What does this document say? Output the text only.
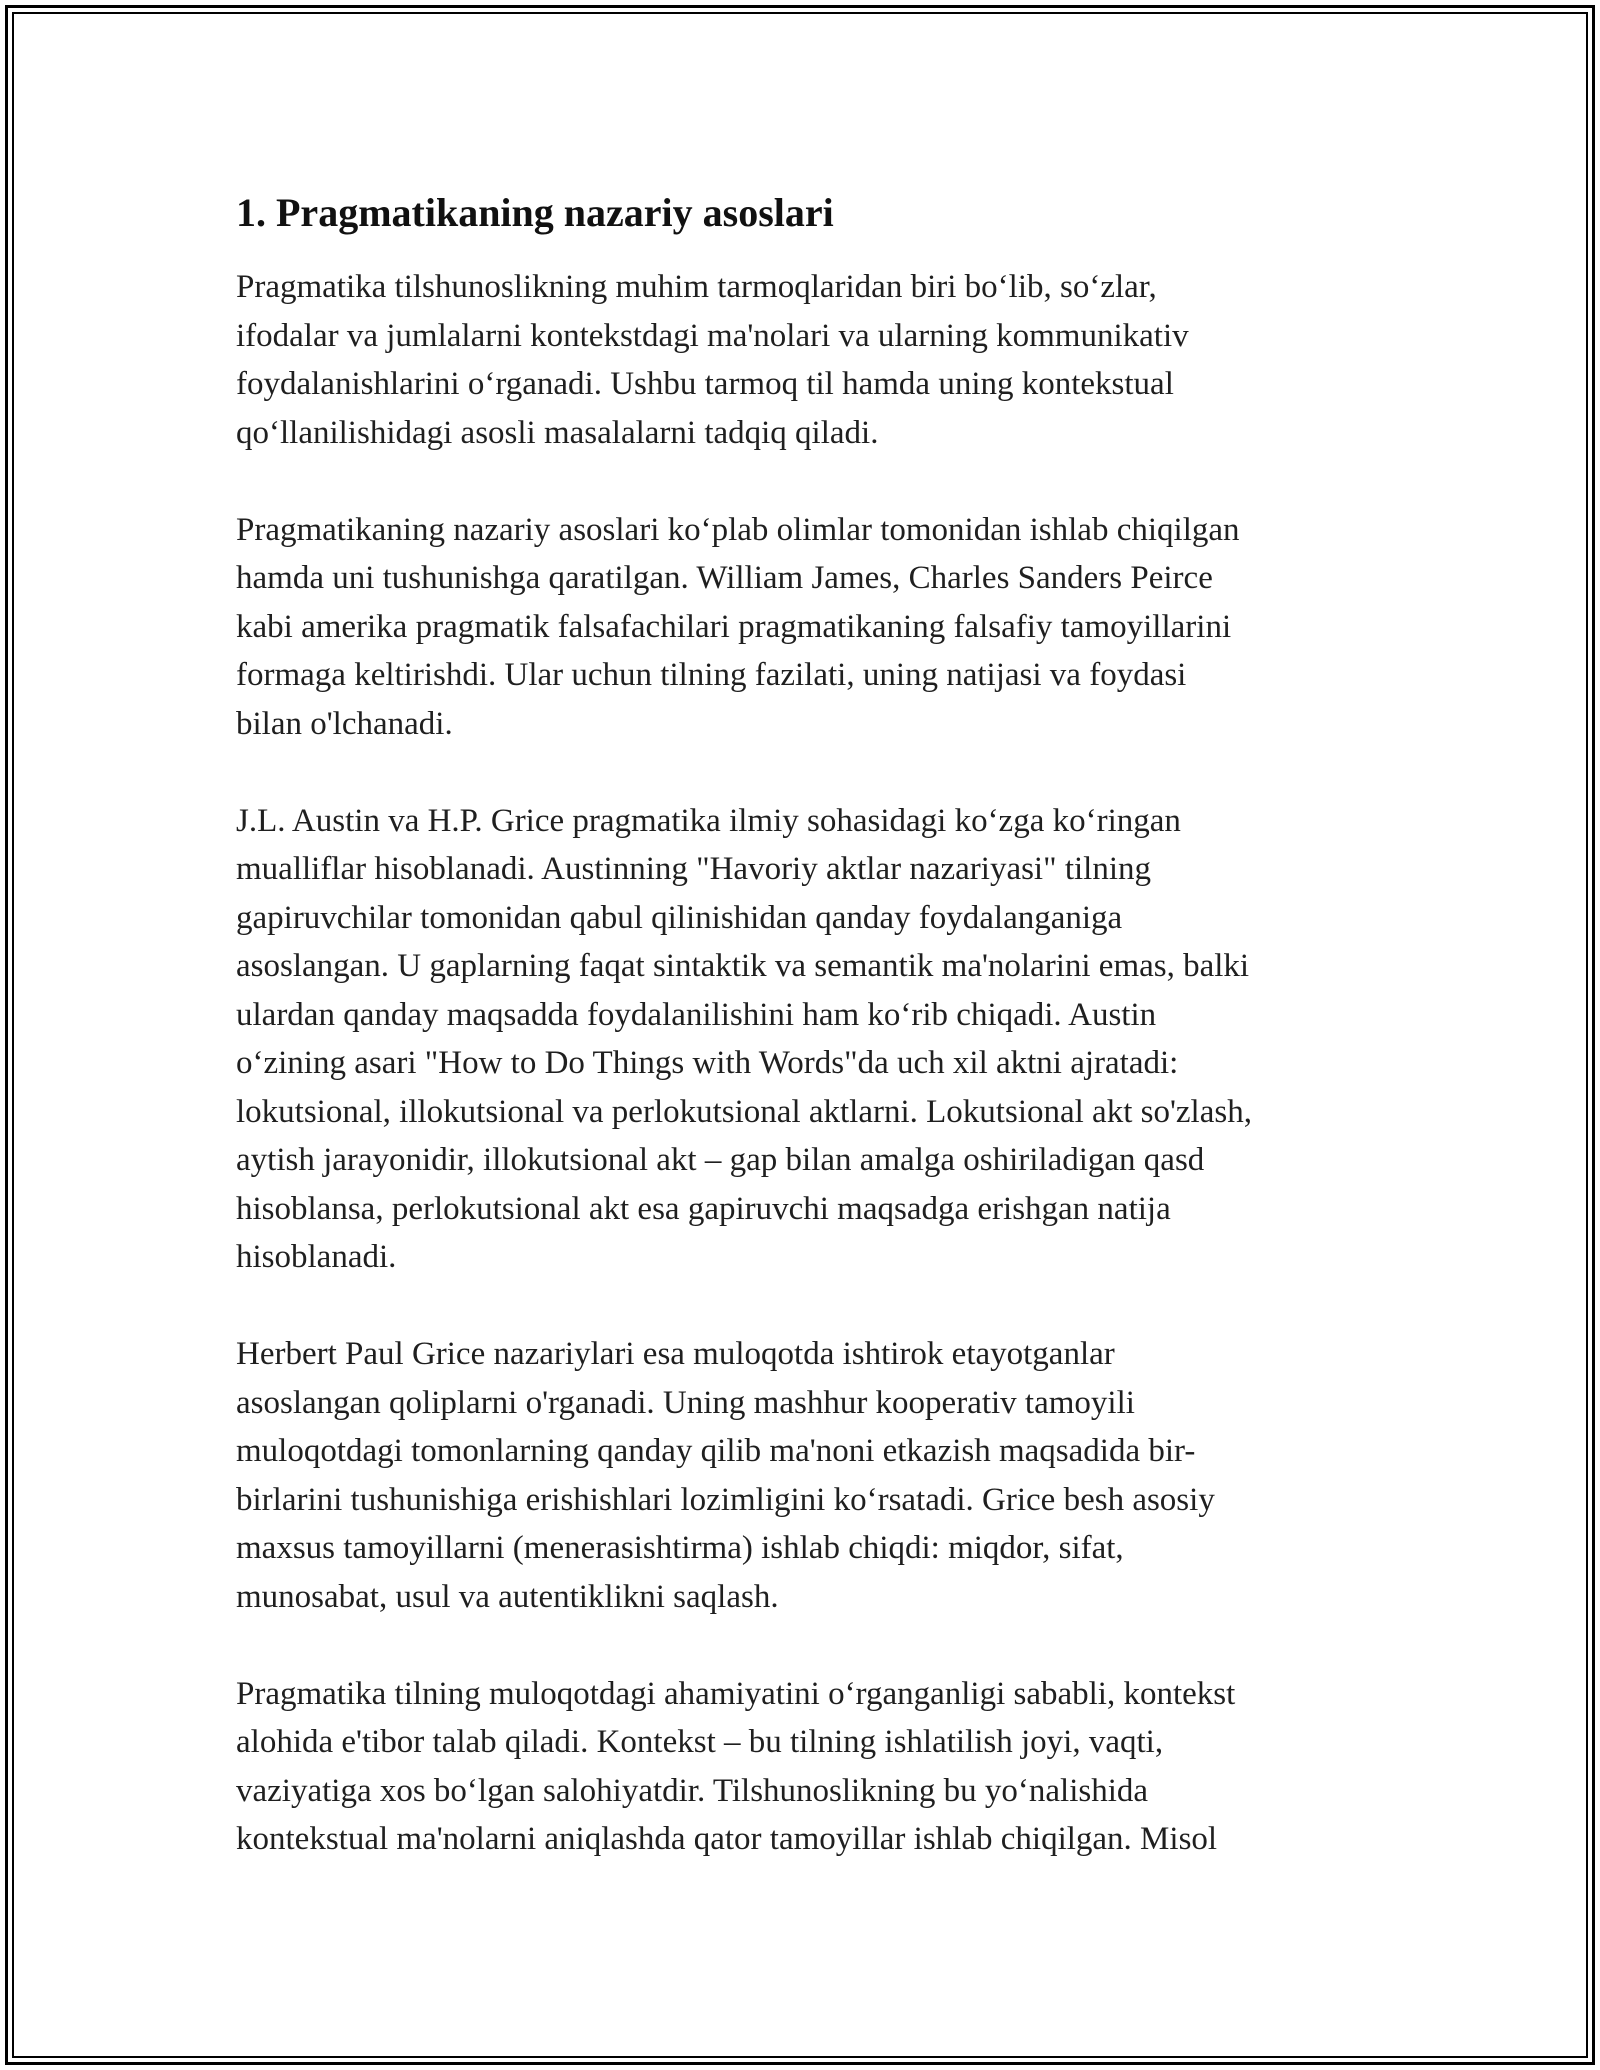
1. Pragmatikaning nazariy asoslari

Pragmatika tilshunoslikning muhim tarmoqlaridan biri bo‘lib, so‘zlar,
ifodalar va jumlalarni kontekstdagi ma'nolari va ularning kommunikativ
foydalanishlarini o‘rganadi. Ushbu tarmoq til hamda uning kontekstual
qo‘llanilishidagi asosli masalalarni tadqiq qiladi.

Pragmatikaning nazariy asoslari ko‘plab olimlar tomonidan ishlab chiqilgan
hamda uni tushunishga qaratilgan. William James, Charles Sanders Peirce
kabi amerika pragmatik falsafachilari pragmatikaning falsafiy tamoyillarini
formaga keltirishdi. Ular uchun tilning fazilati, uning natijasi va foydasi
bilan o'lchanadi.

J.L. Austin va H.P. Grice pragmatika ilmiy sohasidagi ko‘zga ko‘ringan
mualliflar hisoblanadi. Austinning "Havoriy aktlar nazariyasi" tilning
gapiruvchilar tomonidan qabul qilinishidan qanday foydalanganiga
asoslangan. U gaplarning faqat sintaktik va semantik ma'nolarini emas, balki
ulardan qanday maqsadda foydalanilishini ham ko‘rib chiqadi. Austin
o‘zining asari "How to Do Things with Words"da uch xil aktni ajratadi:
lokutsional, illokutsional va perlokutsional aktlarni. Lokutsional akt so'zlash,
aytish jarayonidir, illokutsional akt – gap bilan amalga oshiriladigan qasd
hisoblansa, perlokutsional akt esa gapiruvchi maqsadga erishgan natija
hisoblanadi.

Herbert Paul Grice nazariylari esa muloqotda ishtirok etayotganlar
asoslangan qoliplarni o'rganadi. Uning mashhur kooperativ tamoyili
muloqotdagi tomonlarning qanday qilib ma'noni etkazish maqsadida bir-
birlarini tushunishiga erishishlari lozimligini ko‘rsatadi. Grice besh asosiy
maxsus tamoyillarni (menerasishtirma) ishlab chiqdi: miqdor, sifat,
munosabat, usul va autentiklikni saqlash.

Pragmatika tilning muloqotdagi ahamiyatini o‘rganganligi sababli, kontekst
alohida e'tibor talab qiladi. Kontekst – bu tilning ishlatilish joyi, vaqti,
vaziyatiga xos bo‘lgan salohiyatdir. Tilshunoslikning bu yo‘nalishida
kontekstual ma'nolarni aniqlashda qator tamoyillar ishlab chiqilgan. Misol
